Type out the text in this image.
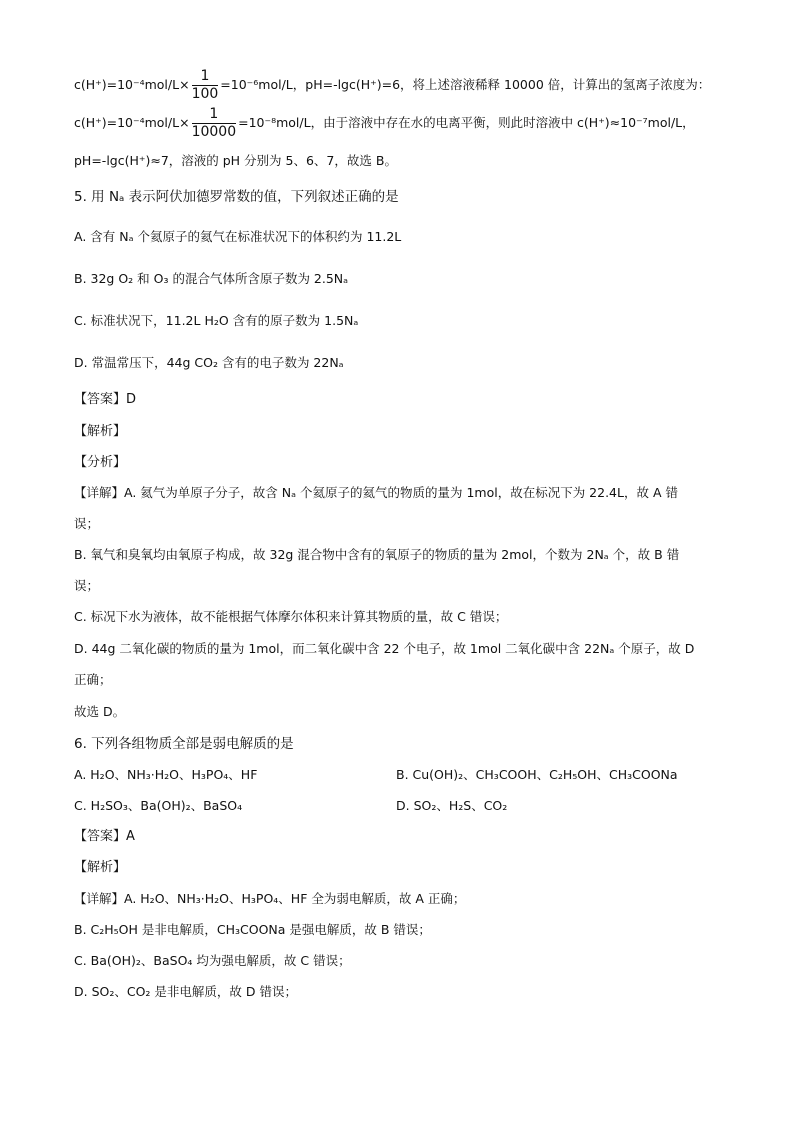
$c(H^+)=10^{-4}mol/L\times \frac{1}{100} =10^{-6}mol/L$，pH=-lgc(H⁺)=6，将上述溶液稀释 10000 倍，计算出的氢离子浓度为：
$c(H^+)=10^{-4}mol/L\times \frac{1}{10000} =10^{-8}mol/L$，由于溶液中存在水的电离平衡，则此时溶液中 c(H⁺)≈10⁻⁷mol/L，
pH=-lgc(H⁺)≈7，溶液的 pH 分别为 5、6、7，故选 B。
5. 用 Nₐ 表示阿伏加德罗常数的值，下列叙述正确的是
A. 含有 Nₐ 个氦原子的氦气在标准状况下的体积约为 11.2L
B. 32g O₂ 和 O₃ 的混合气体所含原子数为 2.5Nₐ
C. 标准状况下，11.2L H₂O 含有的原子数为 1.5Nₐ
D. 常温常压下，44g CO₂ 含有的电子数为 22Nₐ
【答案】D
【解析】
【分析】
【详解】A. 氦气为单原子分子，故含 Nₐ 个氦原子的氦气的物质的量为 1mol，故在标况下为 22.4L，故 A 错
误；
B. 氧气和臭氧均由氧原子构成，故 32g 混合物中含有的氧原子的物质的量为 2mol，个数为 2Nₐ 个，故 B 错
误；
C. 标况下水为液体，故不能根据气体摩尔体积来计算其物质的量，故 C 错误；
D. 44g 二氧化碳的物质的量为 1mol，而二氧化碳中含 22 个电子，故 1mol 二氧化碳中含 22Nₐ 个原子，故 D
正确；
故选 D。
6. 下列各组物质全部是弱电解质的是
A. H₂O、NH₃·H₂O、H₃PO₄、HF	B. Cu(OH)₂、CH₃COOH、C₂H₅OH、CH₃COONa
C. H₂SO₃、Ba(OH)₂、BaSO₄	D. SO₂、H₂S、CO₂
【答案】A
【解析】
【详解】A. H₂O、NH₃·H₂O、H₃PO₄、HF 全为弱电解质，故 A 正确；
B. C₂H₅OH 是非电解质，CH₃COONa 是强电解质，故 B 错误；
C. Ba(OH)₂、BaSO₄ 均为强电解质，故 C 错误；
D. SO₂、CO₂ 是非电解质，故 D 错误；
